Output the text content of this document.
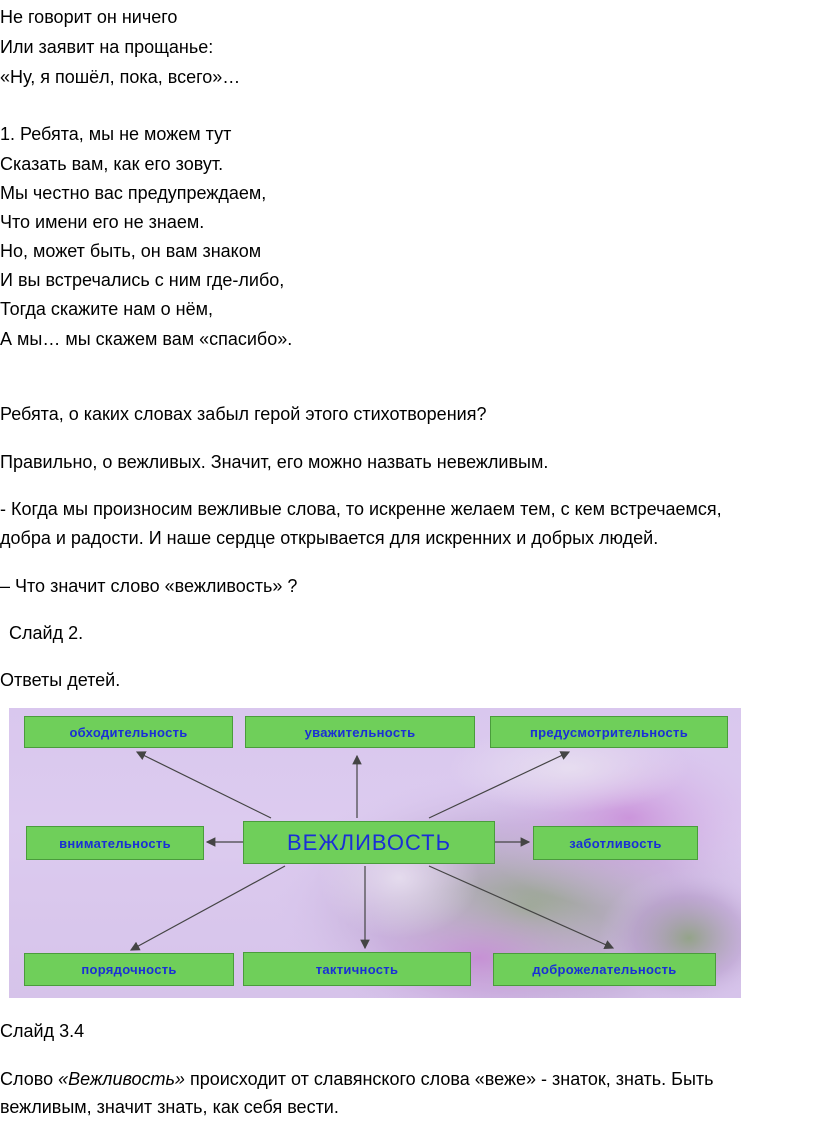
Не говорит он ничего
Или заявит на прощанье:
«Ну, я пошёл, пока, всего»…
1. Ребята, мы не можем тут
Сказать вам, как его зовут.
Мы честно вас предупреждаем,
Что имени его не знаем.
Но, может быть, он вам знаком
И вы встречались с ним где-либо,
Тогда скажите нам о нём,
А мы… мы скажем вам «спасибо».
Ребята, о каких словах забыл герой этого стихотворения?
Правильно, о вежливых. Значит, его можно назвать невежливым.
- Когда мы произносим вежливые слова, то искренне желаем тем, с кем встречаемся,
добра и радости. И наше сердце открывается для искренних и добрых людей.
– Что значит слово «вежливость» ?
Слайд 2.
Ответы детей.
обходительность	уважительность	предусмотрительность
внимательность	ВЕЖЛИВОСТЬ	заботливость
порядочность	тактичность	доброжелательность
Слайд 3.4
Слово «Вежливость» происходит от славянского слова «веже» - знаток, знать. Быть
вежливым, значит знать, как себя вести.
